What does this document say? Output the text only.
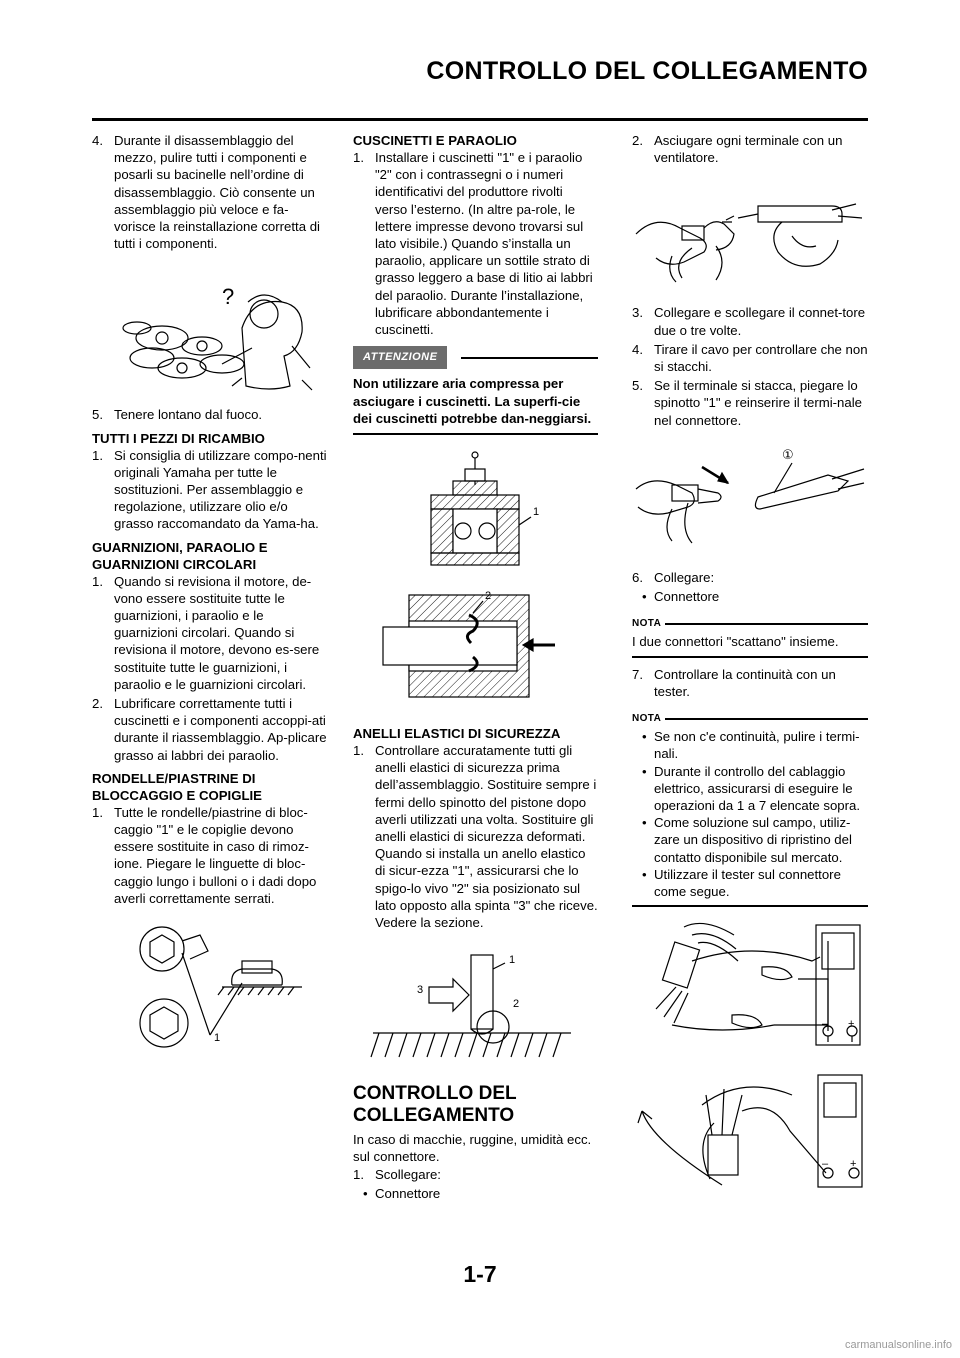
CONTROLLO DEL COLLEGAMENTO
4. Durante il disassemblaggio del mezzo, pulire tutti i componenti e posarli su bacinelle nell’ordine di disassemblaggio. Ciò consente un assemblaggio più veloce e fa-vorisce la reinstallazione corretta di tutti i componenti.
?
5. Tenere lontano dal fuoco.
TUTTI I PEZZI DI RICAMBIO
1. Si consiglia di utilizzare compo-nenti originali Yamaha per tutte le sostituzioni. Per assemblaggio e regolazione, utilizzare olio e/o grasso raccomandato da Yama-ha.
GUARNIZIONI, PARAOLIO E GUARNIZIONI CIRCOLARI
1. Quando si revisiona il motore, de-vono essere sostituite tutte le guarnizioni, i paraolio e le guarnizioni circolari. Quando si revisiona il motore, devono es-sere sostituite tutte le guarnizioni, i paraolio e le guarnizioni circolari.
2. Lubrificare correttamente tutti i cuscinetti e i componenti accoppi-ati durante il riassemblaggio. Ap-plicare grasso ai labbri dei paraolio.
RONDELLE/PIASTRINE DI BLOCCAGGIO E COPIGLIE
1. Tutte le rondelle/piastrine di bloc-caggio "1" e le copiglie devono essere sostituite in caso di rimoz-ione. Piegare le linguette di bloc-caggio lungo i bulloni o i dadi dopo averli correttamente serrati.
1
CUSCINETTI E PARAOLIO
1. Installare i cuscinetti "1" e i paraolio "2" con i contrassegni o i numeri identificativi del produttore rivolti verso l’esterno. (In altre pa-role, le lettere impresse devono trovarsi sul lato visibile.) Quando s’installa un paraolio, applicare un sottile strato di grasso leggero a base di litio ai labbri del paraolio. Durante l’installazione, lubrificare abbondantemente i cuscinetti.
ATTENZIONE
Non utilizzare aria compressa per asciugare i cuscinetti. La superfi-cie dei cuscinetti potrebbe dan-neggiarsi.
1
2
ANELLI ELASTICI DI SICUREZZA
1. Controllare accuratamente tutti gli anelli elastici di sicurezza prima dell’assemblaggio. Sostituire sempre i fermi dello spinotto del pistone dopo averli utilizzati una volta. Sostituire gli anelli elastici di sicurezza deformati. Quando si installa un anello elastico di sicur-ezza "1", assicurarsi che lo spigo-lo vivo "2" sia posizionato sul lato opposto alla spinta "3" che riceve. Vedere la sezione.
1
2
3
CONTROLLO DEL COLLEGAMENTO
In caso di macchie, ruggine, umidità ecc. sul connettore.
1. Scollegare:
• Connettore
2. Asciugare ogni terminale con un ventilatore.
3. Collegare e scollegare il connet-tore due o tre volte.
4. Tirare il cavo per controllare che non si stacchi.
5. Se il terminale si stacca, piegare lo spinotto "1" e reinserire il termi-nale nel connettore.
①
6. Collegare:
• Connettore
NOTA
I due connettori "scattano" insieme.
7. Controllare la continuità con un tester.
NOTA
• Se non c'e continuità, pulire i termi-nali.
• Durante il controllo del cablaggio elettrico, assicurarsi di eseguire le operazioni da 1 a 7 elencate sopra.
• Come soluzione sul campo, utiliz-zare un dispositivo di ripristino del contatto disponibile sul mercato.
• Utilizzare il tester sul connettore come segue.
– +
– +
1-7
carmanualsonline.info
